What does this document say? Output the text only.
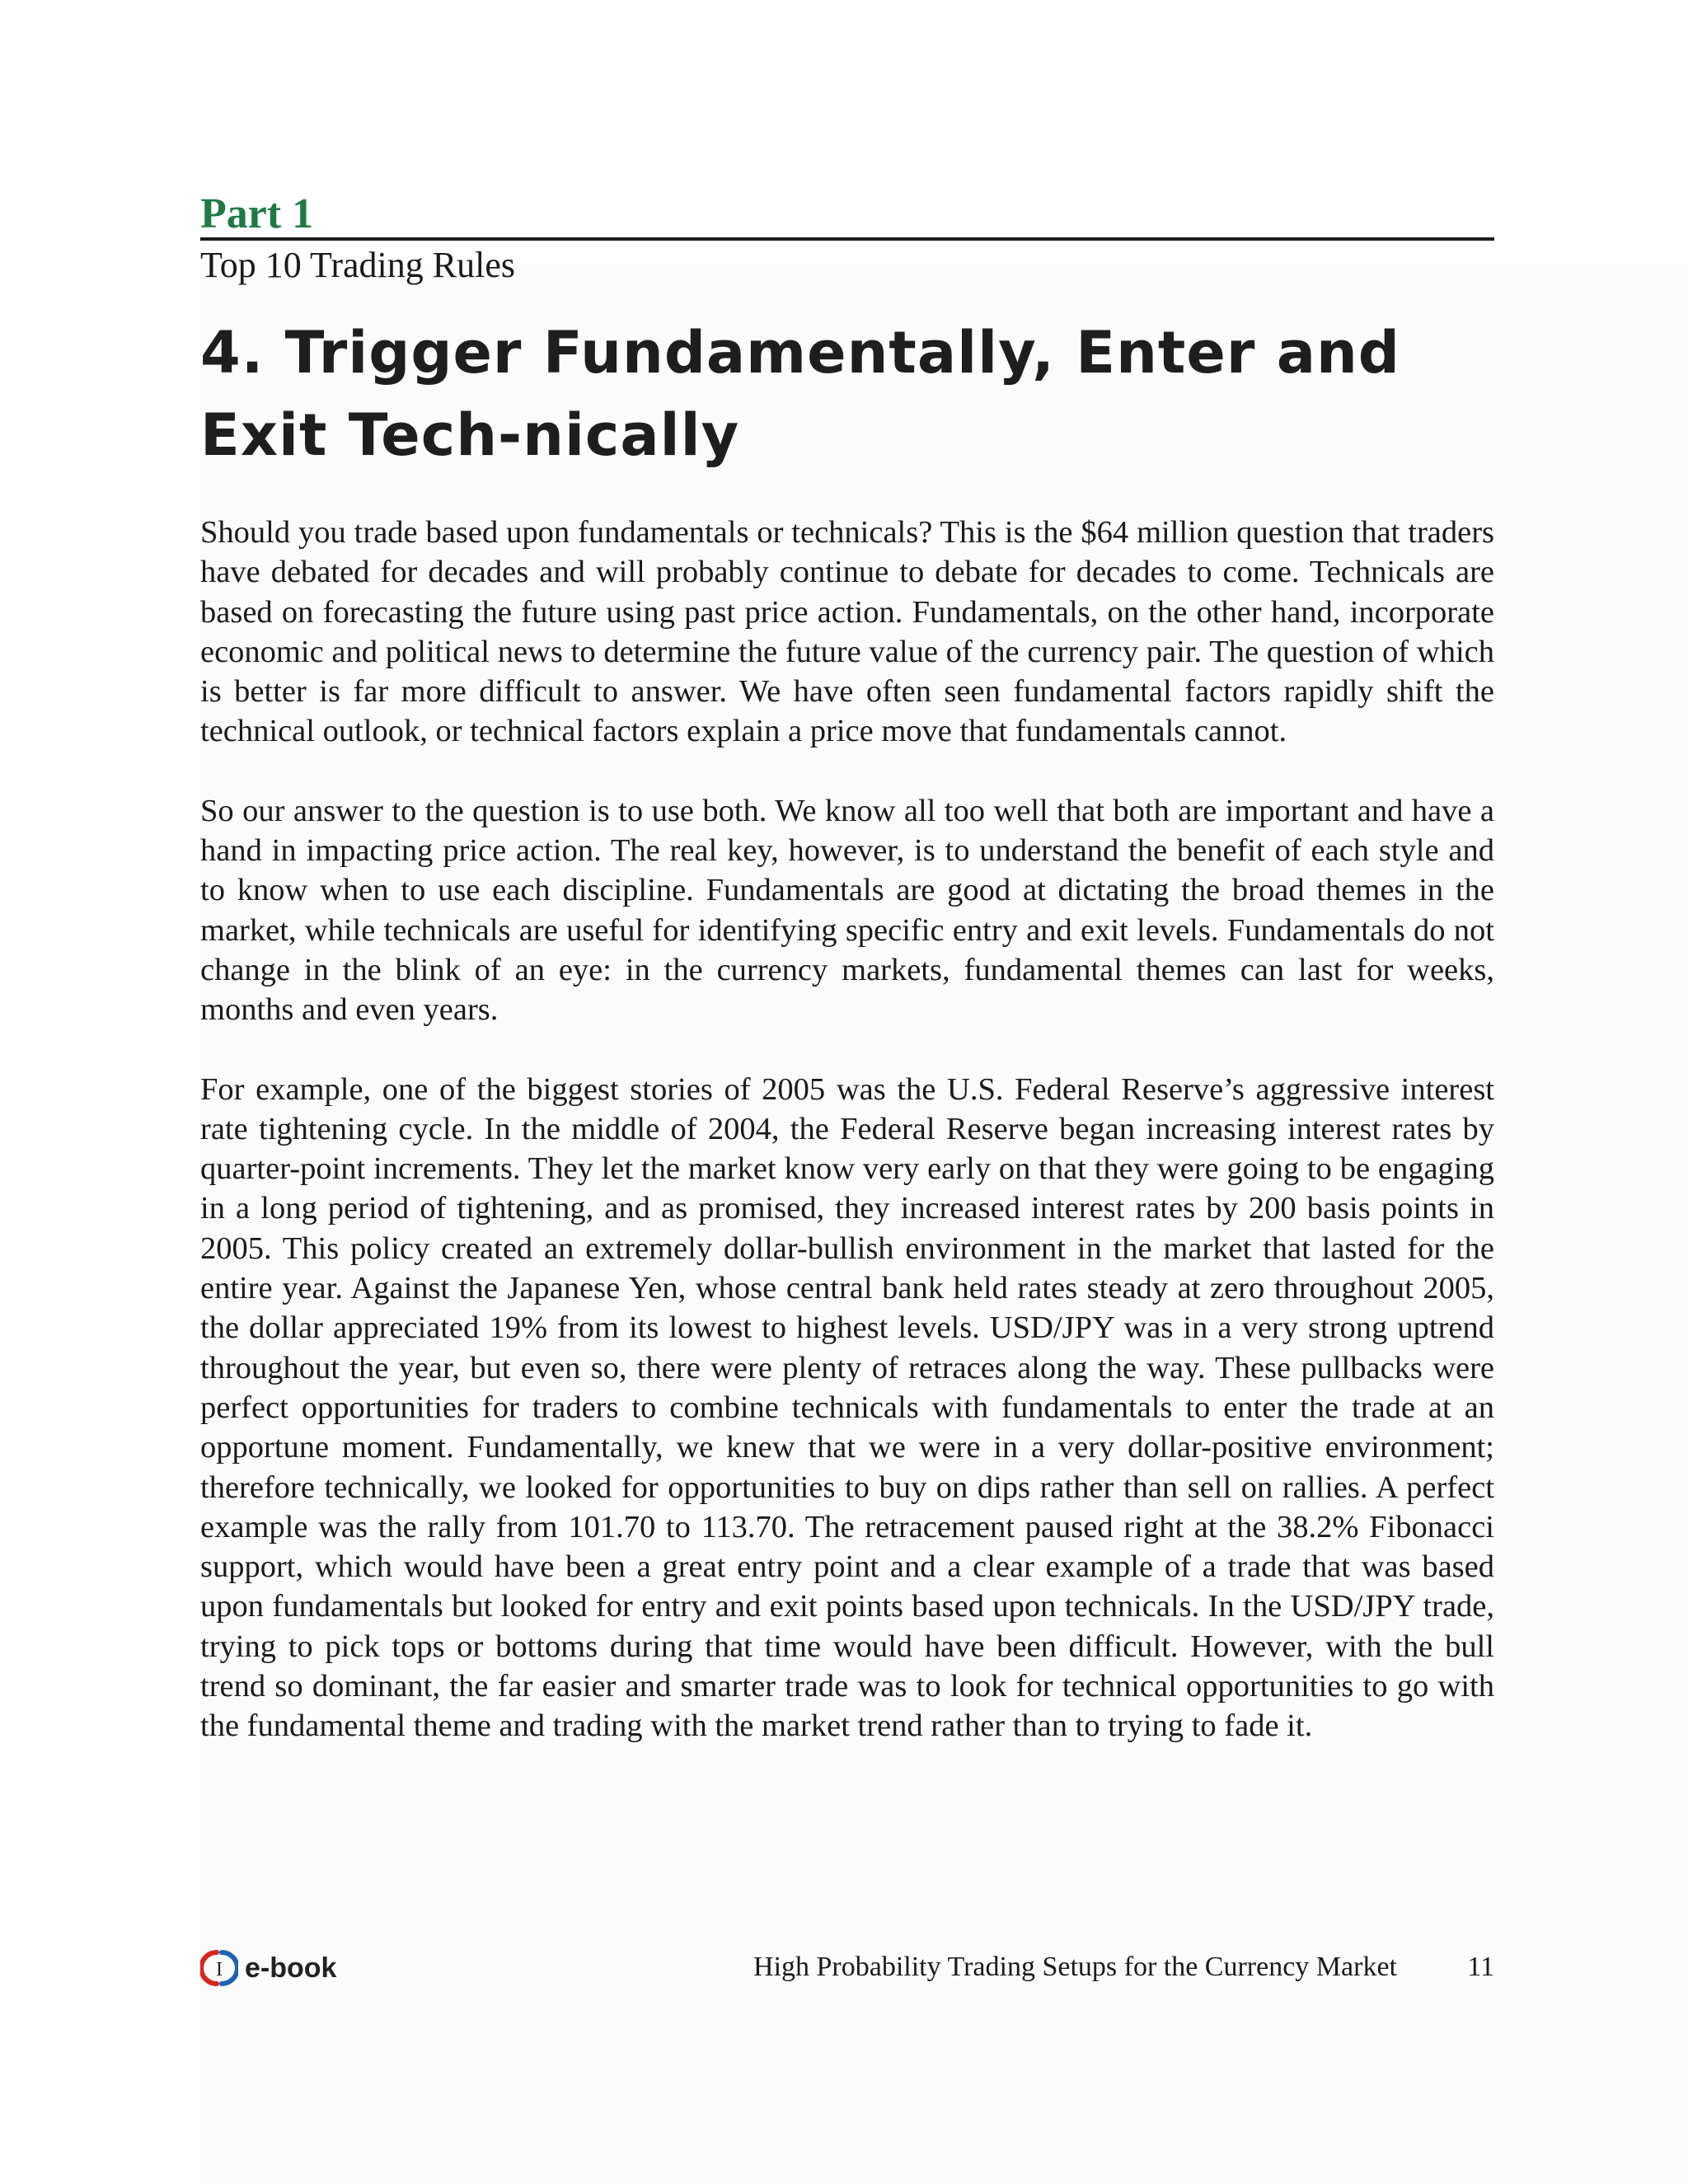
Part 1
Top 10 Trading Rules
4. Trigger Fundamentally, Enter and Exit Tech-nically

Should you trade based upon fundamentals or technicals? This is the $64 million question that traders have debated for decades and will probably continue to debate for decades to come. Technicals are based on forecasting the future using past price action. Fundamentals, on the other hand, incorporate economic and political news to determine the future value of the currency pair. The question of which is better is far more difficult to answer. We have often seen fundamental factors rapidly shift the technical outlook, or technical factors explain a price move that fundamentals cannot.

So our answer to the question is to use both. We know all too well that both are important and have a hand in impacting price action. The real key, however, is to understand the benefit of each style and to know when to use each discipline. Fundamentals are good at dictating the broad themes in the market, while technicals are useful for identifying specific entry and exit levels. Fundamentals do not change in the blink of an eye: in the currency markets, fundamental themes can last for weeks, months and even years.

For example, one of the biggest stories of 2005 was the U.S. Federal Reserve’s aggressive interest rate tightening cycle. In the middle of 2004, the Federal Reserve began increasing interest rates by quarter-point increments. They let the market know very early on that they were going to be engaging in a long period of tightening, and as promised, they increased interest rates by 200 basis points in 2005. This policy created an extremely dollar-bullish environment in the market that lasted for the entire year. Against the Japanese Yen, whose central bank held rates steady at zero throughout 2005, the dollar appreciated 19% from its lowest to highest levels. USD/JPY was in a very strong uptrend throughout the year, but even so, there were plenty of retraces along the way. These pullbacks were perfect opportunities for traders to combine technicals with fundamentals to enter the trade at an opportune moment. Fundamentally, we knew that we were in a very dollar-positive environment; therefore technically, we looked for opportunities to buy on dips rather than sell on rallies. A perfect example was the rally from 101.70 to 113.70. The retracement paused right at the 38.2% Fibonacci support, which would have been a great entry point and a clear example of a trade that was based upon fundamentals but looked for entry and exit points based upon technicals. In the USD/JPY trade, trying to pick tops or bottoms during that time would have been difficult. However, with the bull trend so dominant, the far easier and smarter trade was to look for technical opportunities to go with the fundamental theme and trading with the market trend rather than to trying to fade it.

I e-book	High Probability Trading Setups for the Currency Market	11
